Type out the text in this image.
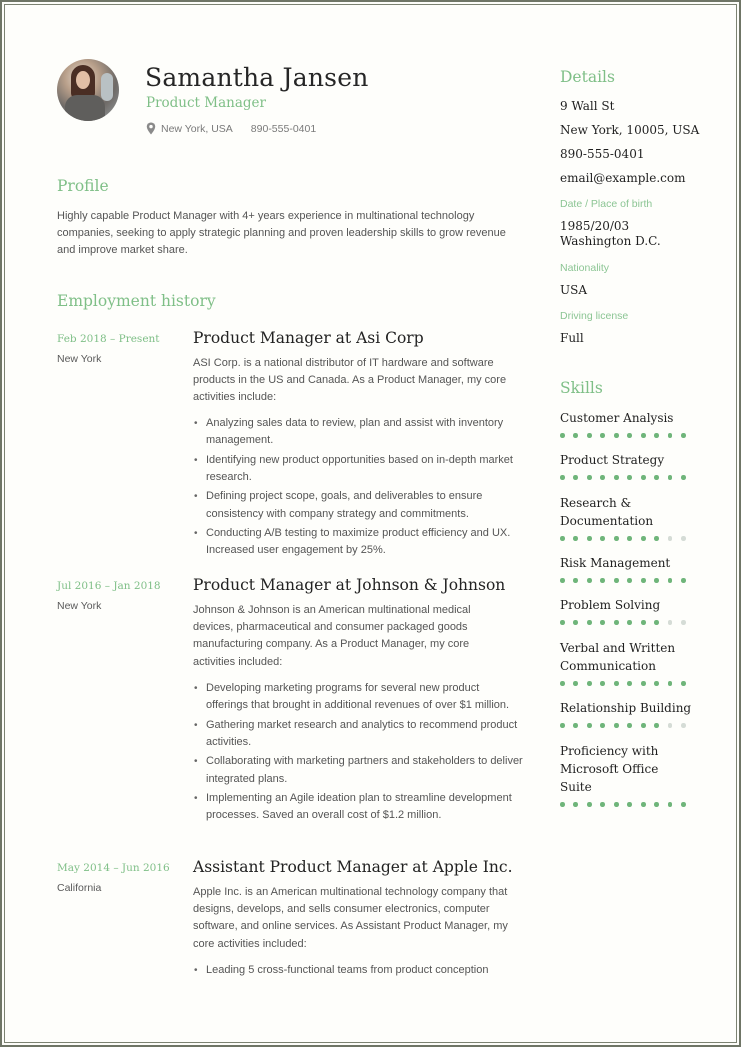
Samantha Jansen
Product Manager
New York, USA 890-555-0401
Profile
Highly capable Product Manager with 4+ years experience in multinational technology companies, seeking to apply strategic planning and proven leadership skills to grow revenue and improve market share.
Employment history
Feb 2018 – Present
New York
Product Manager at Asi Corp
ASI Corp. is a national distributor of IT hardware and software products in the US and Canada. As a Product Manager, my core activities include:
• Analyzing sales data to review, plan and assist with inventory management.
• Identifying new product opportunities based on in-depth market research.
• Defining project scope, goals, and deliverables to ensure consistency with company strategy and commitments.
• Conducting A/B testing to maximize product efficiency and UX. Increased user engagement by 25%.
Jul 2016 – Jan 2018
New York
Product Manager at Johnson & Johnson
Johnson & Johnson is an American multinational medical devices, pharmaceutical and consumer packaged goods manufacturing company. As a Product Manager, my core activities included:
• Developing marketing programs for several new product offerings that brought in additional revenues of over $1 million.
• Gathering market research and analytics to recommend product activities.
• Collaborating with marketing partners and stakeholders to deliver integrated plans.
• Implementing an Agile ideation plan to streamline development processes. Saved an overall cost of $1.2 million.
May 2014 – Jun 2016
California
Assistant Product Manager at Apple Inc.
Apple Inc. is an American multinational technology company that designs, develops, and sells consumer electronics, computer software, and online services. As Assistant Product Manager, my core activities included:
• Leading 5 cross-functional teams from product conception
Details
9 Wall St
New York, 10005, USA
890-555-0401
email@example.com
Date / Place of birth
1985/20/03
Washington D.C.
Nationality
USA
Driving license
Full
Skills
Customer Analysis
Product Strategy
Research & Documentation
Risk Management
Problem Solving
Verbal and Written Communication
Relationship Building
Proficiency with Microsoft Office Suite
